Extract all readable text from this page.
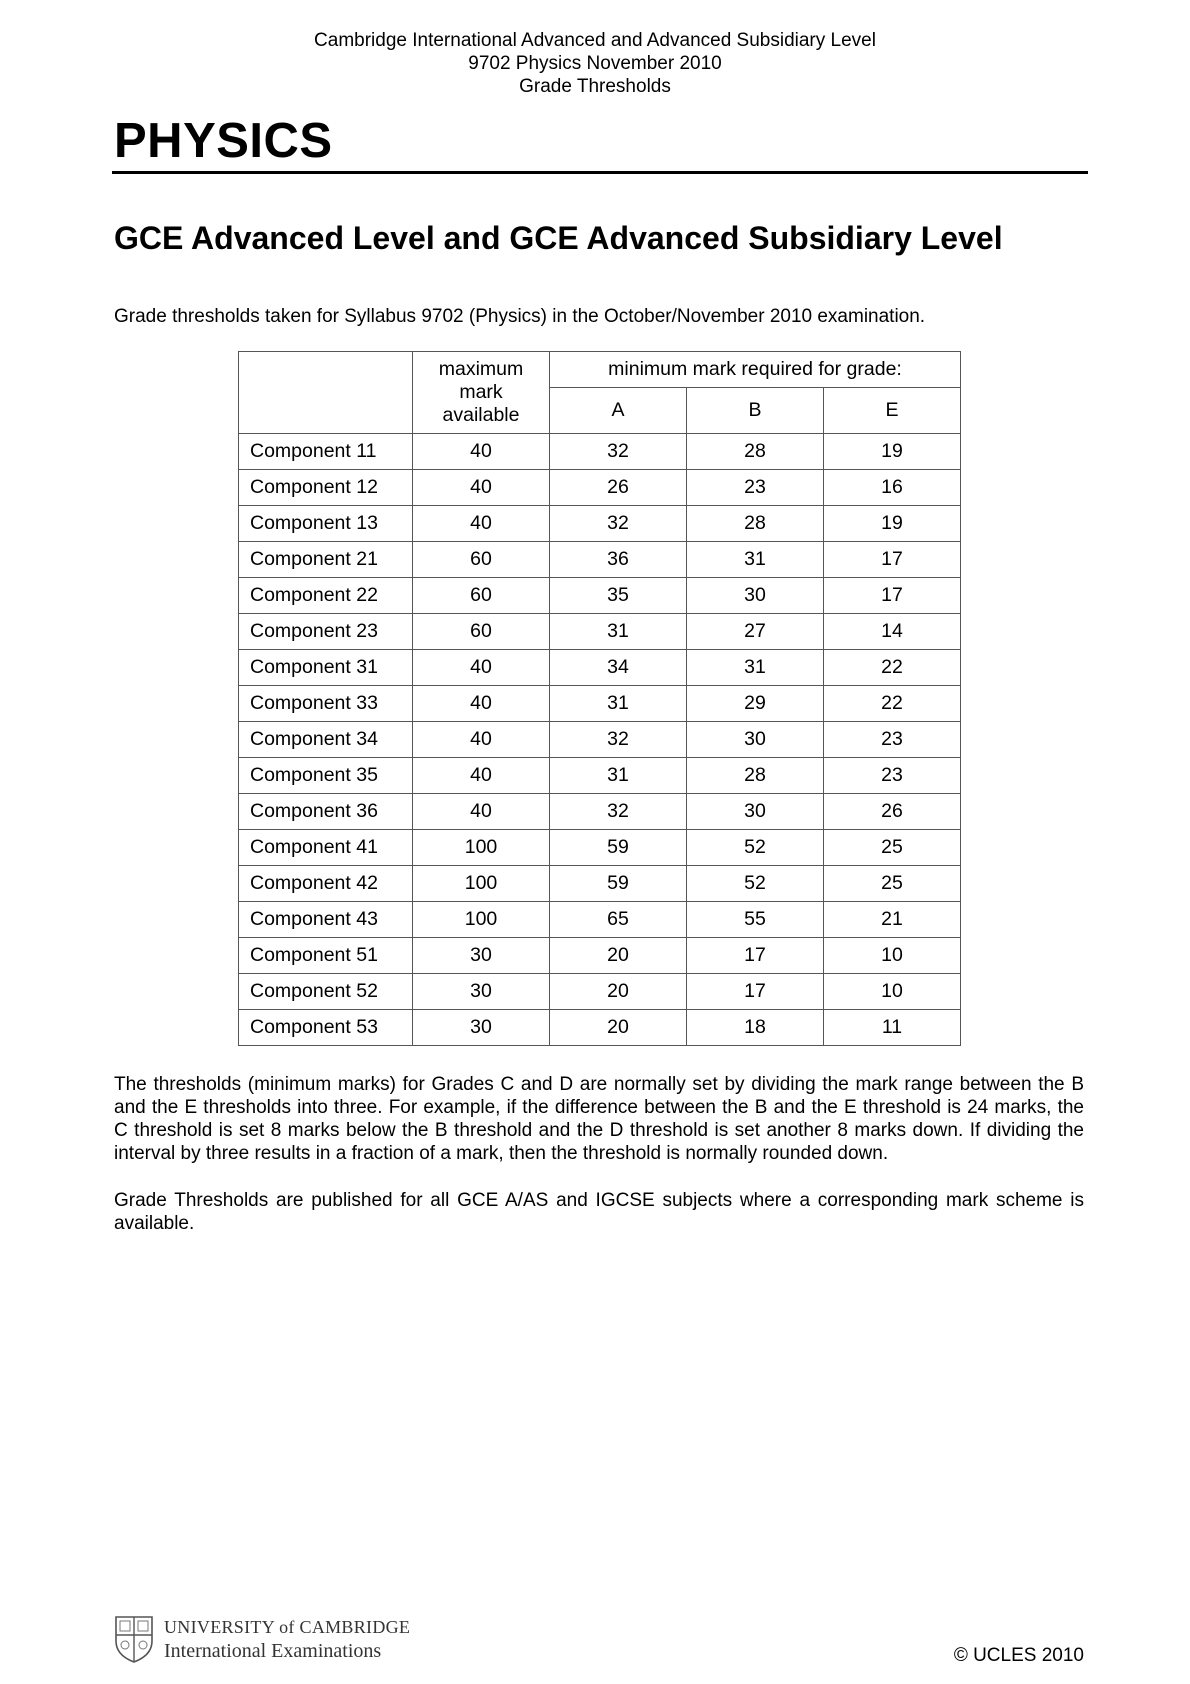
Cambridge International Advanced and Advanced Subsidiary Level
9702 Physics November 2010
Grade Thresholds
PHYSICS
GCE Advanced Level and GCE Advanced Subsidiary Level

Grade thresholds taken for Syllabus 9702 (Physics) in the October/November 2010 examination.

	maximum
mark
available	minimum mark required for grade:		
		A	B	E
Component 11	40	32	28	19
Component 12	40	26	23	16
Component 13	40	32	28	19
Component 21	60	36	31	17
Component 22	60	35	30	17
Component 23	60	31	27	14
Component 31	40	34	31	22
Component 33	40	31	29	22
Component 34	40	32	30	23
Component 35	40	31	28	23
Component 36	40	32	30	26
Component 41	100	59	52	25
Component 42	100	59	52	25
Component 43	100	65	55	21
Component 51	30	20	17	10
Component 52	30	20	17	10
Component 53	30	20	18	11

The thresholds (minimum marks) for Grades C and D are normally set by dividing the mark range between the B and the E thresholds into three. For example, if the difference between the B and the E threshold is 24 marks, the C threshold is set 8 marks below the B threshold and the D threshold is set another 8 marks down. If dividing the interval by three results in a fraction of a mark, then the threshold is normally rounded down.

Grade Thresholds are published for all GCE A/AS and IGCSE subjects where a corresponding mark scheme is available.

UNIVERSITY of CAMBRIDGE
International Examinations	© UCLES 2010
